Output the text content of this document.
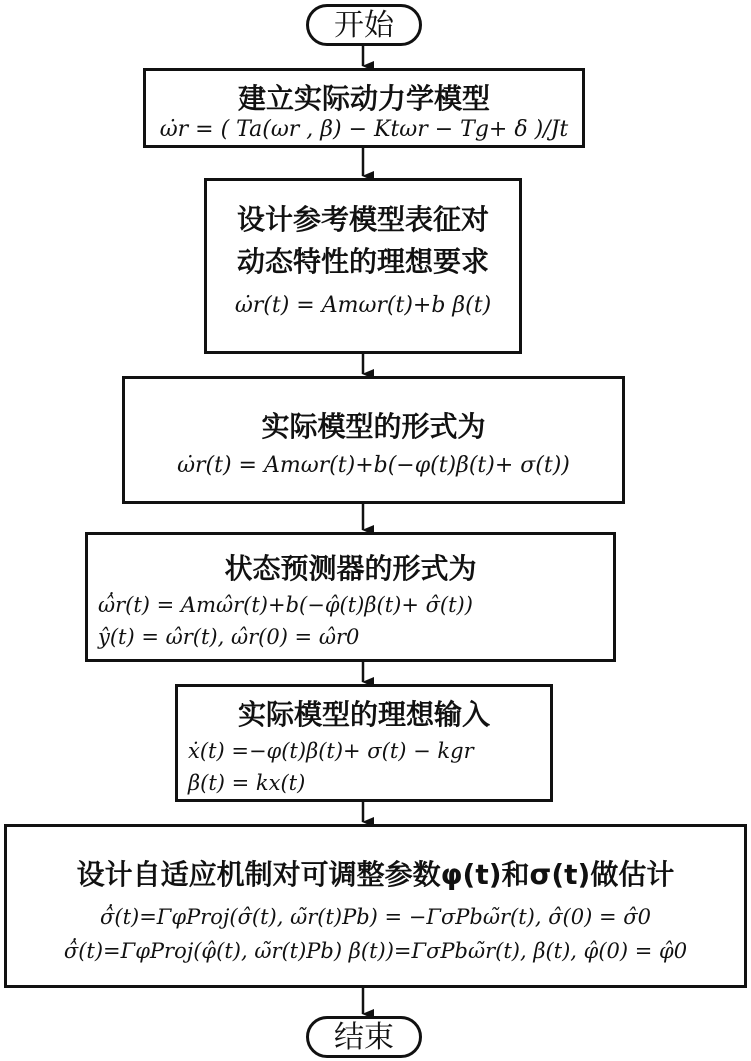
开始
建立实际动力学模型
ω̇r = ( Ta(ωr , β) − Ktωr − Tg+ δ )/Jt
设计参考模型表征对
动态特性的理想要求
ω̇r(t) = Amωr(t)+b β(t)
实际模型的形式为
ω̇r(t) = Amωr(t)+b(−φ(t)β(t)+ σ(t))
状态预测器的形式为
ω̂̇r(t) = Amω̂r(t)+b(−φ̂(t)β(t)+ σ̂(t))
ŷ(t) = ω̂r(t), ω̂r(0) = ω̂r0
实际模型的理想输入
ẋ(t) =−φ(t)β(t)+ σ(t) − kgr
β(t) = kx(t)
设计自适应机制对可调整参数φ(t)和σ(t)做估计
σ̂̇(t)=ΓφProj(σ̂(t), ω̃r(t)Pb) = −ΓσPbω̃r(t), σ̂(0) = σ̂0
σ̂̇(t)=ΓφProj(φ̂(t), ω̃r(t)Pb) β(t))=ΓσPbω̃r(t), β(t), φ̂(0) = φ̂0
结束
